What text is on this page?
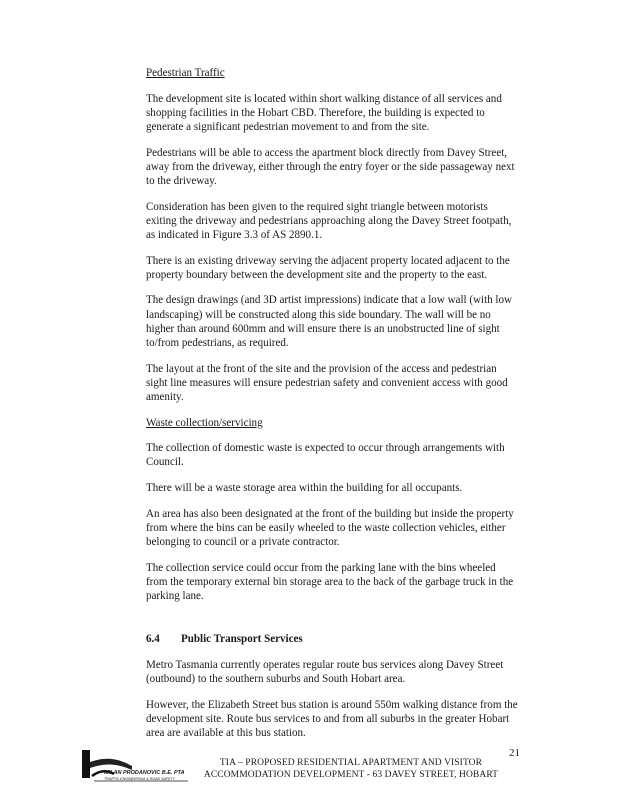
Pedestrian Traffic

The development site is located within short walking distance of all services and shopping facilities in the Hobart CBD. Therefore, the building is expected to generate a significant pedestrian movement to and from the site.

Pedestrians will be able to access the apartment block directly from Davey Street, away from the driveway, either through the entry foyer or the side passageway next to the driveway.

Consideration has been given to the required sight triangle between motorists exiting the driveway and pedestrians approaching along the Davey Street footpath, as indicated in Figure 3.3 of AS 2890.1.

There is an existing driveway serving the adjacent property located adjacent to the property boundary between the development site and the property to the east.

The design drawings (and 3D artist impressions) indicate that a low wall (with low landscaping) will be constructed along this side boundary. The wall will be no higher than around 600mm and will ensure there is an unobstructed line of sight to/from pedestrians, as required.

The layout at the front of the site and the provision of the access and pedestrian sight line measures will ensure pedestrian safety and convenient access with good amenity.

Waste collection/servicing

The collection of domestic waste is expected to occur through arrangements with Council.

There will be a waste storage area within the building for all occupants.

An area has also been designated at the front of the building but inside the property from where the bins can be easily wheeled to the waste collection vehicles, either belonging to council or a private contractor.

The collection service could occur from the parking lane with the bins wheeled from the temporary external bin storage area to the back of the garbage truck in the parking lane.

6.4	Public Transport Services

Metro Tasmania currently operates regular route bus services along Davey Street (outbound) to the southern suburbs and South Hobart area.

However, the Elizabeth Street bus station is around 550m walking distance from the development site. Route bus services to and from all suburbs in the greater Hobart area are available at this bus station.

21
MILAN PRODANOVIC B.E. PTA
TRAFFIC ENGINEERING & ROAD SAFETY
TIA – PROPOSED RESIDENTIAL APARTMENT AND VISITOR
ACCOMMODATION DEVELOPMENT - 63 DAVEY STREET, HOBART
